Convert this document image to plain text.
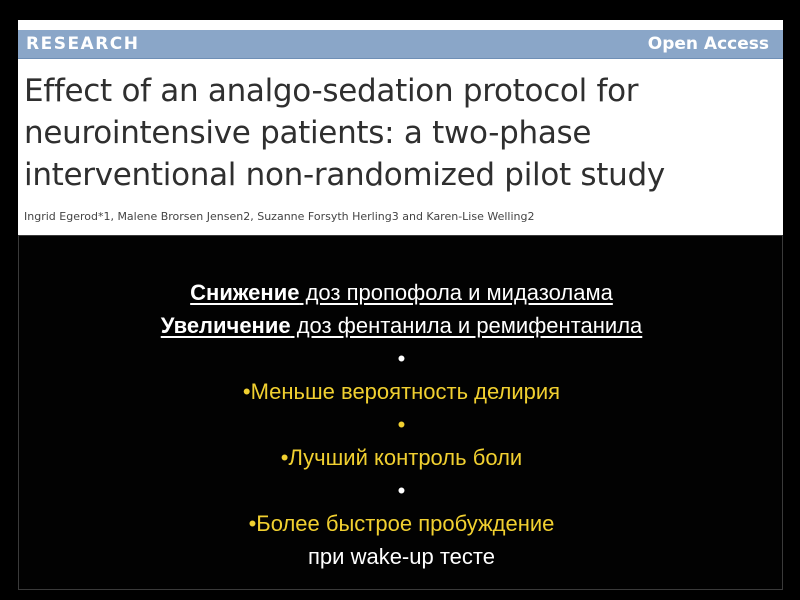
RESEARCH	Open Access
Effect of an analgo-sedation protocol for
neurointensive patients: a two-phase
interventional non-randomized pilot study
Ingrid Egerod*1, Malene Brorsen Jensen2, Suzanne Forsyth Herling3 and Karen-Lise Welling2
Снижение доз пропофола и мидазолама
Увеличение доз фентанила и ремифентанила
•
•Меньше вероятность делирия
•
•Лучший контроль боли
•
•Более быстрое пробуждение
при wake-up тесте
